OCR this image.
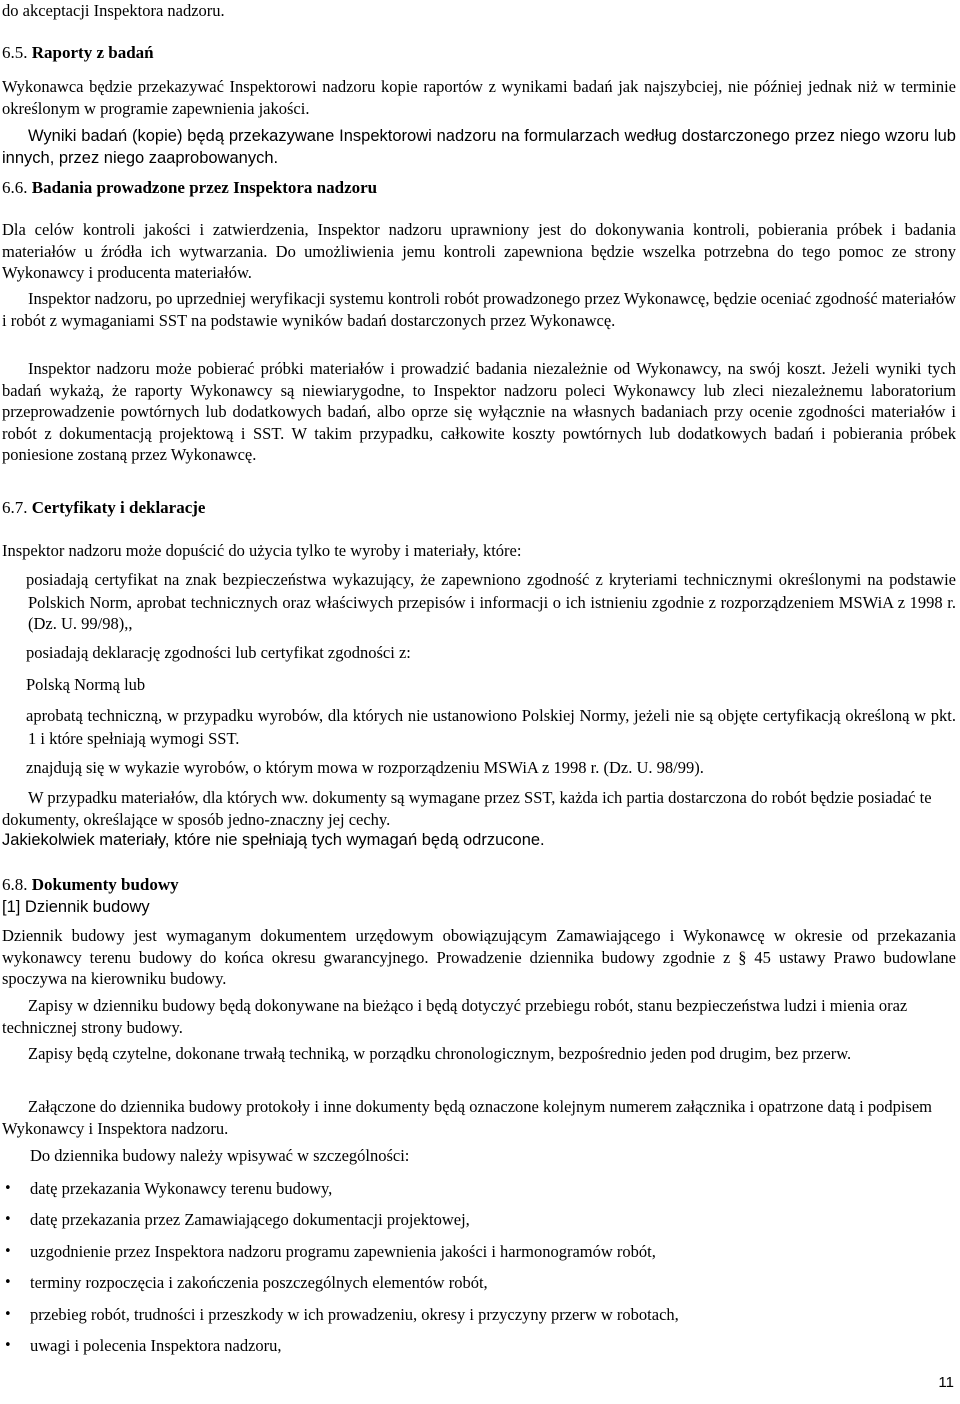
do akceptacji Inspektora nadzoru.

6.5. Raporty z badań

Wykonawca będzie przekazywać Inspektorowi nadzoru kopie raportów z wynikami badań jak najszybciej, nie później jednak niż w terminie określonym w programie zapewnienia jakości.

Wyniki badań (kopie) będą przekazywane Inspektorowi nadzoru na formularzach według dostarczonego przez niego wzoru lub innych, przez niego zaaprobowanych.

6.6. Badania prowadzone przez Inspektora nadzoru

Dla celów kontroli jakości i zatwierdzenia, Inspektor nadzoru uprawniony jest do dokonywania kontroli, pobierania próbek i badania materiałów u źródła ich wytwarzania. Do umożliwienia jemu kontroli zapewniona będzie wszelka potrzebna do tego pomoc ze strony Wykonawcy i producenta materiałów.

Inspektor nadzoru, po uprzedniej weryfikacji systemu kontroli robót prowadzonego przez Wykonawcę, będzie oceniać zgodność materiałów i robót z wymaganiami SST na podstawie wyników badań dostarczonych przez Wykonawcę.

Inspektor nadzoru może pobierać próbki materiałów i prowadzić badania niezależnie od Wykonawcy, na swój koszt. Jeżeli wyniki tych badań wykażą, że raporty Wykonawcy są niewiarygodne, to Inspektor nadzoru poleci Wykonawcy lub zleci niezależnemu laboratorium przeprowadzenie powtórnych lub dodatkowych badań, albo oprze się wyłącznie na własnych badaniach przy ocenie zgodności materiałów i robót z dokumentacją projektową i SST. W takim przypadku, całkowite koszty powtórnych lub dodatkowych badań i pobierania próbek poniesione zostaną przez Wykonawcę.

6.7. Certyfikaty i deklaracje

Inspektor nadzoru może dopuścić do użycia tylko te wyroby i materiały, które:

posiadają certyfikat na znak bezpieczeństwa wykazujący, że zapewniono zgodność z kryteriami technicznymi określonymi na podstawie Polskich Norm, aprobat technicznych oraz właściwych przepisów i informacji o ich istnieniu zgodnie z rozporządzeniem MSWiA z 1998 r. (Dz. U. 99/98),,
posiadają deklarację zgodności lub certyfikat zgodności z:
Polską Normą lub
aprobatą techniczną, w przypadku wyrobów, dla których nie ustanowiono Polskiej Normy, jeżeli nie są objęte certyfikacją określoną w pkt. 1 i które spełniają wymogi SST.
znajdują się w wykazie wyrobów, o którym mowa w rozporządzeniu MSWiA z 1998 r. (Dz. U. 98/99).

W przypadku materiałów, dla których ww. dokumenty są wymagane przez SST, każda ich partia dostarczona do robót będzie posiadać te dokumenty, określające w sposób jedno-znaczny jej cechy.

Jakiekolwiek materiały, które nie spełniają tych wymagań będą odrzucone.

6.8. Dokumenty budowy

[1] Dziennik budowy

Dziennik budowy jest wymaganym dokumentem urzędowym obowiązującym Zamawiającego i Wykonawcę w okresie od przekazania wykonawcy terenu budowy do końca okresu gwarancyjnego. Prowadzenie dziennika budowy zgodnie z § 45 ustawy Prawo budowlane spoczywa na kierowniku budowy.

Zapisy w dzienniku budowy będą dokonywane na bieżąco i będą dotyczyć przebiegu robót, stanu bezpieczeństwa ludzi i mienia oraz technicznej strony budowy.

Zapisy będą czytelne, dokonane trwałą techniką, w porządku chronologicznym, bezpośrednio jeden pod drugim, bez przerw.

Załączone do dziennika budowy protokoły i inne dokumenty będą oznaczone kolejnym numerem załącznika i opatrzone datą i podpisem Wykonawcy i Inspektora nadzoru.

Do dziennika budowy należy wpisywać w szczególności:

• datę przekazania Wykonawcy terenu budowy,
• datę przekazania przez Zamawiającego dokumentacji projektowej,
• uzgodnienie przez Inspektora nadzoru programu zapewnienia jakości i harmonogramów robót,
• terminy rozpoczęcia i zakończenia poszczególnych elementów robót,
• przebieg robót, trudności i przeszkody w ich prowadzeniu, okresy i przyczyny przerw w robotach,
• uwagi i polecenia Inspektora nadzoru,
11
